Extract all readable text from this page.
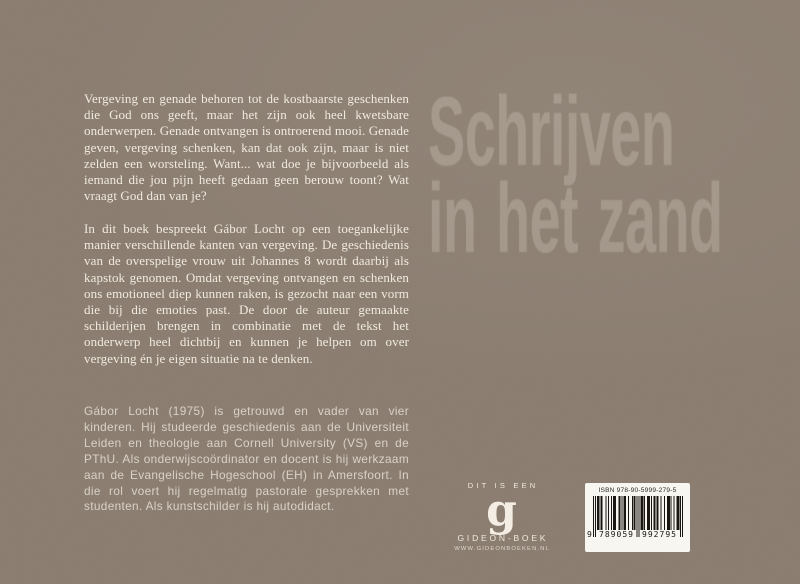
Vergeving en genade behoren tot de kostbaarste geschenken die God ons geeft, maar het zijn ook heel kwetsbare onderwerpen. Genade ontvangen is ontroerend mooi. Genade geven, vergeving schenken, kan dat ook zijn, maar is niet zelden een worsteling. Want... wat doe je bijvoorbeeld als iemand die jou pijn heeft gedaan geen berouw toont? Wat vraagt God dan van je?

In dit boek bespreekt Gábor Locht op een toegankelijke manier verschillende kanten van vergeving. De geschiedenis van de overspelige vrouw uit Johannes 8 wordt daarbij als kapstok genomen. Omdat vergeving ontvangen en schenken ons emotioneel diep kunnen raken, is gezocht naar een vorm die bij die emoties past. De door de auteur gemaakte schilderijen brengen in combinatie met de tekst het onderwerp heel dichtbij en kunnen je helpen om over vergeving én je eigen situatie na te denken.

Gábor Locht (1975) is getrouwd en vader van vier kinderen. Hij studeerde geschiedenis aan de Universiteit Leiden en theologie aan Cornell University (VS) en de PThU. Als onderwijscoördinator en docent is hij werkzaam aan de Evangelische Hogeschool (EH) in Amersfoort. In die rol voert hij regelmatig pastorale gesprekken met studenten. Als kunstschilder is hij autodidact.

Schrijven
in het zand
DIT IS EEN
g
GIDEON-BOEK
WWW.GIDEONBOEKEN.NL
ISBN 978-90-5999-279-5
9 789059 992795
